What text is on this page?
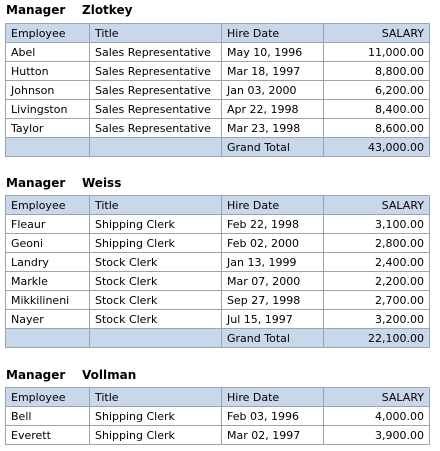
Manager Zlotkey
Employee	Title	Hire Date	SALARY
Abel	Sales Representative	May 10, 1996	11,000.00
Hutton	Sales Representative	Mar 18, 1997	8,800.00
Johnson	Sales Representative	Jan 03, 2000	6,200.00
Livingston	Sales Representative	Apr 22, 1998	8,400.00
Taylor	Sales Representative	Mar 23, 1998	8,600.00
		Grand Total	43,000.00
Manager Weiss
Employee	Title	Hire Date	SALARY
Fleaur	Shipping Clerk	Feb 22, 1998	3,100.00
Geoni	Shipping Clerk	Feb 02, 2000	2,800.00
Landry	Stock Clerk	Jan 13, 1999	2,400.00
Markle	Stock Clerk	Mar 07, 2000	2,200.00
Mikkilineni	Stock Clerk	Sep 27, 1998	2,700.00
Nayer	Stock Clerk	Jul 15, 1997	3,200.00
		Grand Total	22,100.00
Manager Vollman
Employee	Title	Hire Date	SALARY
Bell	Shipping Clerk	Feb 03, 1996	4,000.00
Everett	Shipping Clerk	Mar 02, 1997	3,900.00
